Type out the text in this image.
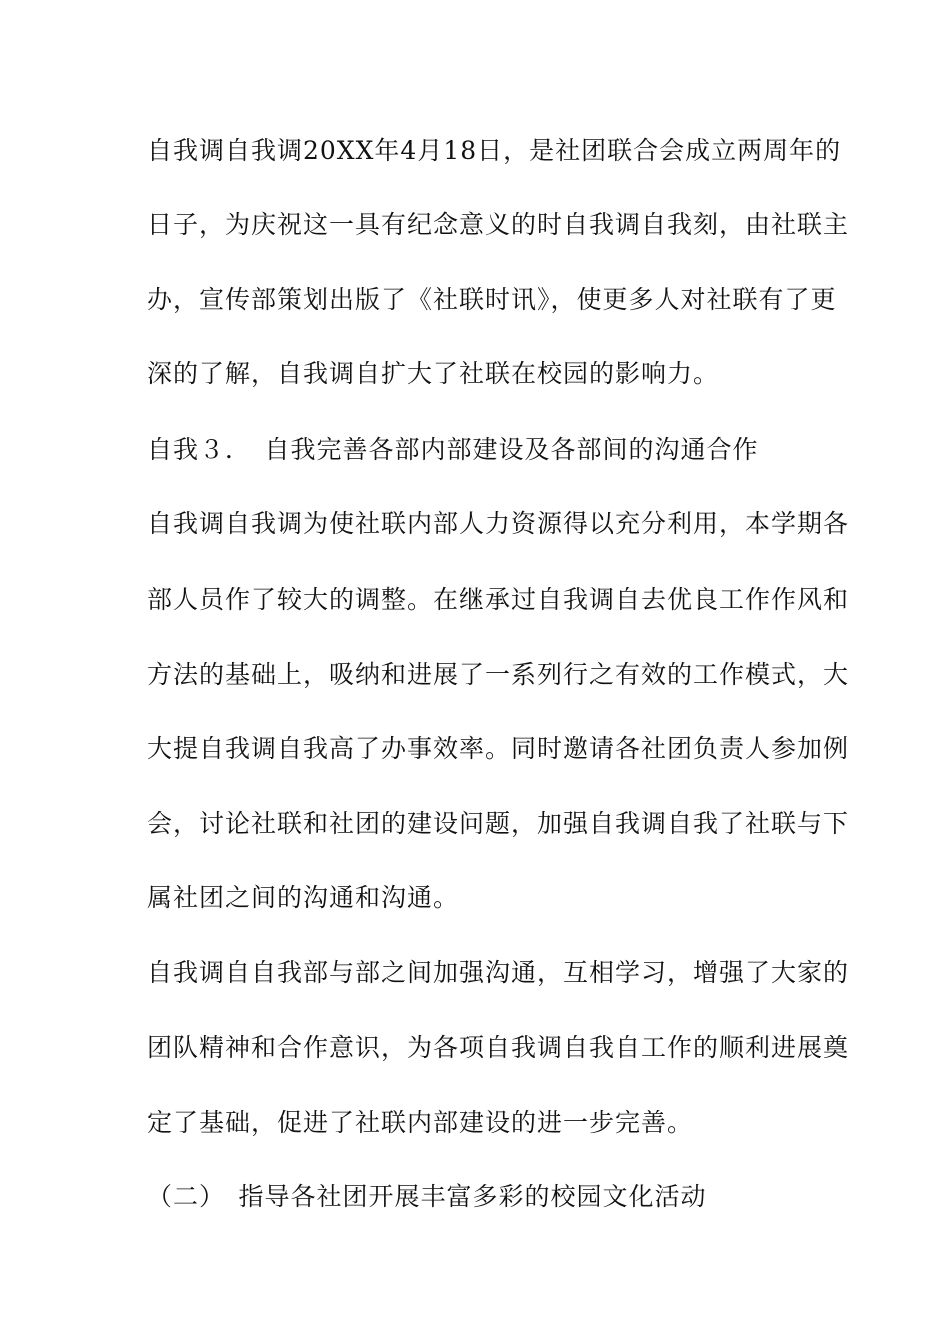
自我调自我调20XX年4月18日，是社团联合会成立两周年的
日子，为庆祝这一具有纪念意义的时自我调自我刻，由社联主
办，宣传部策划出版了《社联时讯》，使更多人对社联有了更
深的了解，自我调自扩大了社联在校园的影响力。
自我３．　自我完善各部内部建设及各部间的沟通合作
自我调自我调为使社联内部人力资源得以充分利用，本学期各
部人员作了较大的调整。在继承过自我调自去优良工作作风和
方法的基础上，吸纳和进展了一系列行之有效的工作模式，大
大提自我调自我高了办事效率。同时邀请各社团负责人参加例
会，讨论社联和社团的建设问题，加强自我调自我了社联与下
属社团之间的沟通和沟通。
自我调自自我部与部之间加强沟通，互相学习，增强了大家的
团队精神和合作意识，为各项自我调自我自工作的顺利进展奠
定了基础，促进了社联内部建设的进一步完善。
（二）　指导各社团开展丰富多彩的校园文化活动
